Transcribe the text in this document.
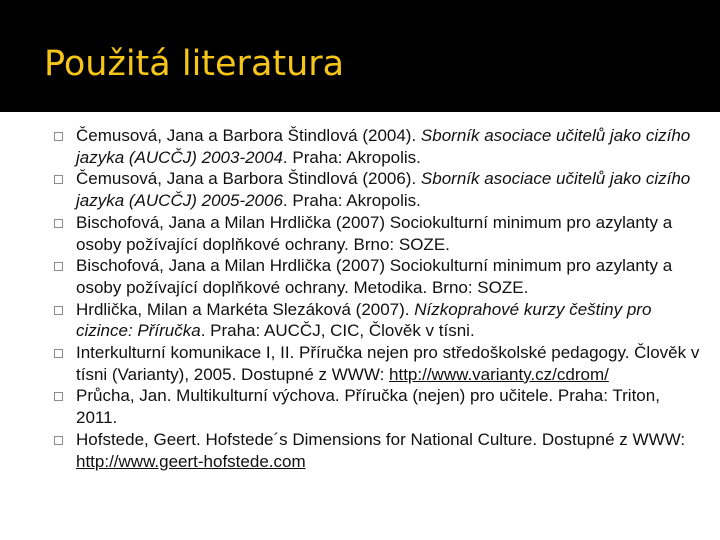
Použitá literatura
Čemusová, Jana a Barbora Štindlová (2004). Sborník asociace učitelů jako cizího jazyka (AUCČJ) 2003-2004. Praha: Akropolis.
Čemusová, Jana a Barbora Štindlová (2006). Sborník asociace učitelů jako cizího jazyka (AUCČJ) 2005-2006. Praha: Akropolis.
Bischofová, Jana a Milan Hrdlička (2007) Sociokulturní minimum pro azylanty a osoby požívající doplňkové ochrany. Brno: SOZE.
Bischofová, Jana a Milan Hrdlička (2007) Sociokulturní minimum pro azylanty a osoby požívající doplňkové ochrany. Metodika. Brno: SOZE.
Hrdlička, Milan a Markéta Slezáková (2007). Nízkoprahové kurzy češtiny pro cizince: Příručka. Praha: AUCČJ, CIC, Člověk v tísni.
Interkulturní komunikace I, II. Příručka nejen pro středoškolské pedagogy. Člověk v tísni (Varianty), 2005. Dostupné z WWW: http://www.varianty.cz/cdrom/
Průcha, Jan. Multikulturní výchova. Příručka (nejen) pro učitele. Praha: Triton, 2011.
Hofstede, Geert. Hofstede´s Dimensions for National Culture. Dostupné z WWW: http://www.geert-hofstede.com
